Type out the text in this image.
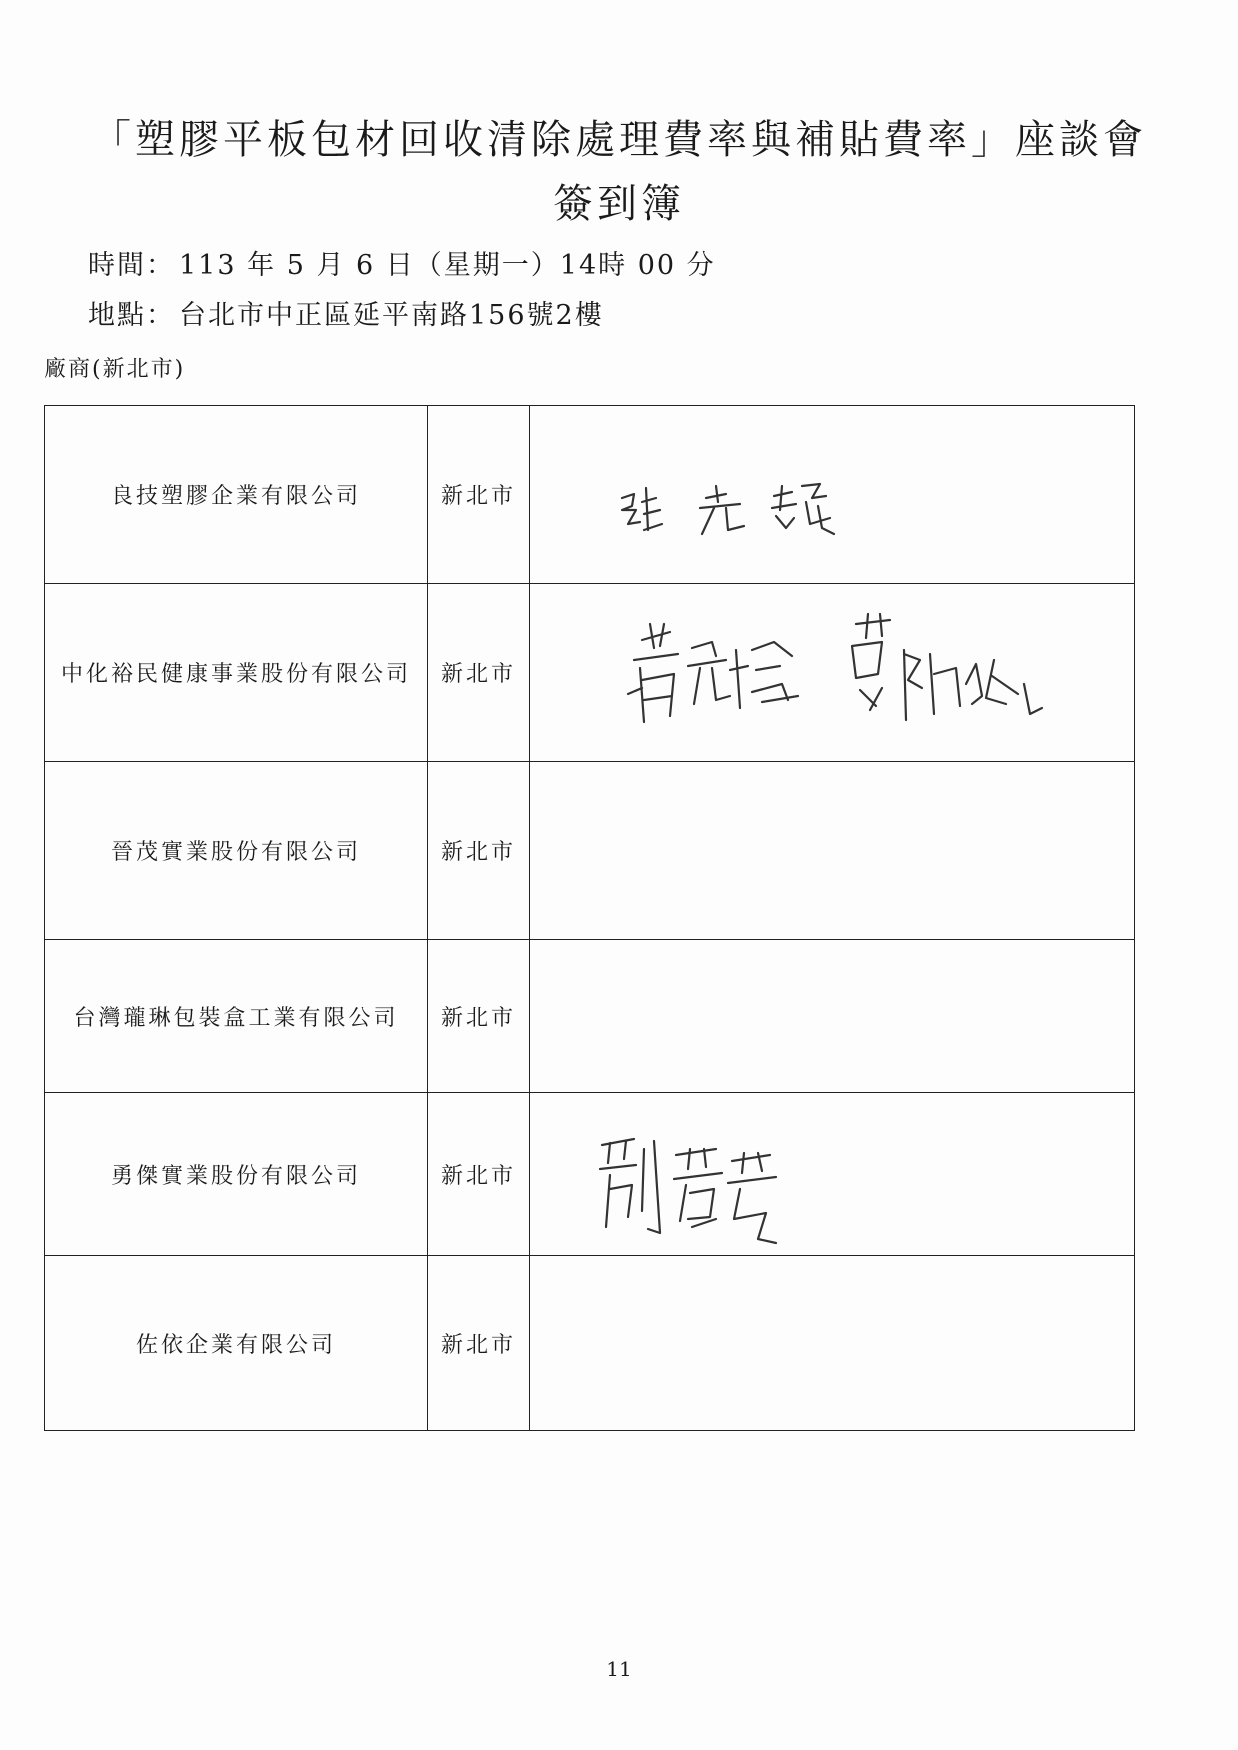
「塑膠平板包材回收清除處理費率與補貼費率」座談會
簽到簿
時間： 113 年 5 月 6 日（星期一）14時 00 分
地點： 台北市中正區延平南路156號2樓
廠商(新北市)
良技塑膠企業有限公司	新北市	

中化裕民健康事業股份有限公司	新北市	

晉茂實業股份有限公司	新北市	
台灣瓏琳包裝盒工業有限公司	新北市	
勇傑實業股份有限公司	新北市	

佐依企業有限公司	新北市	
11
